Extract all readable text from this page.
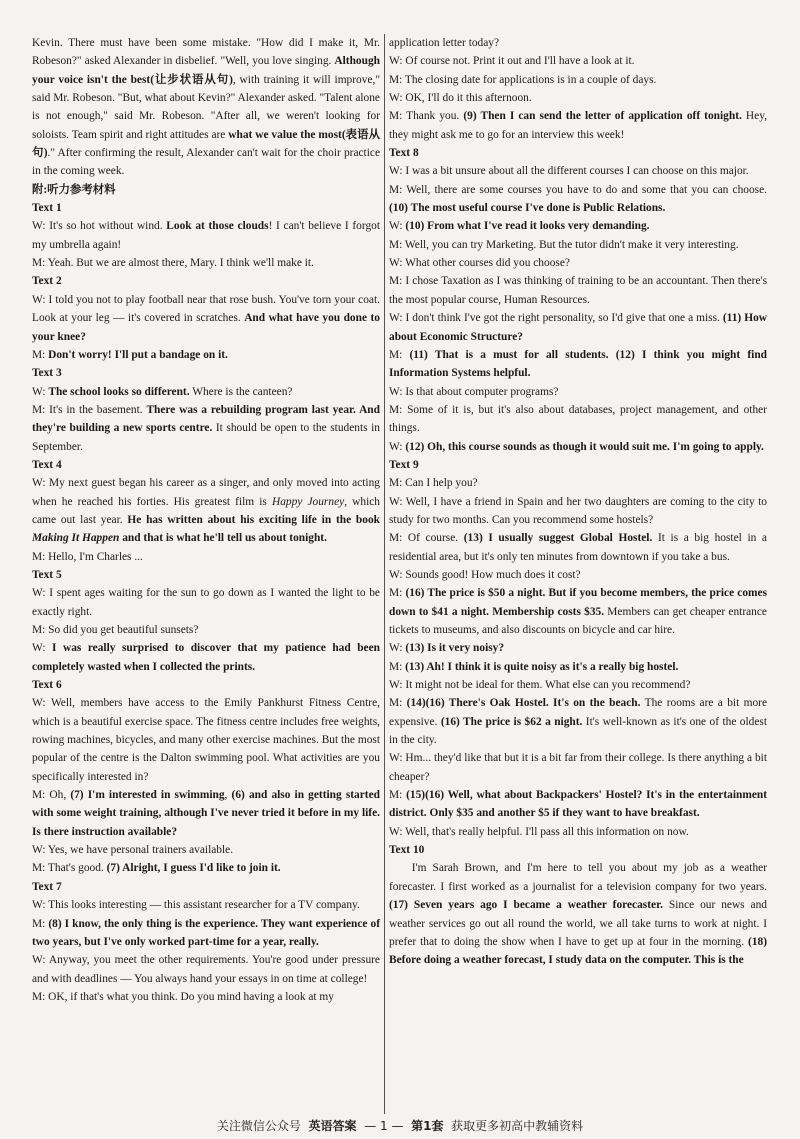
Kevin. There must have been some mistake. "How did I make it, Mr. Robeson?" asked Alexander in disbelief. "Well, you love singing. Although your voice isn't the best(让步状语从句), with training it will improve," said Mr. Robeson. "But, what about Kevin?" Alexander asked. "Talent alone is not enough," said Mr. Robeson. "After all, we weren't looking for soloists. Team spirit and right attitudes are what we value the most(表语从句)." After confirming the result, Alexander can't wait for the choir practice in the coming week.

附:听力参考材料

Text 1

W: It's so hot without wind. Look at those clouds! I can't believe I forgot my umbrella again!

M: Yeah. But we are almost there, Mary. I think we'll make it.

Text 2

W: I told you not to play football near that rose bush. You've torn your coat. Look at your leg — it's covered in scratches. And what have you done to your knee?

M: Don't worry! I'll put a bandage on it.

Text 3

W: The school looks so different. Where is the canteen?

M: It's in the basement. There was a rebuilding program last year. And they're building a new sports centre. It should be open to the students in September.

Text 4

W: My next guest began his career as a singer, and only moved into acting when he reached his forties. His greatest film is Happy Journey, which came out last year. He has written about his exciting life in the book Making It Happen and that is what he'll tell us about tonight.

M: Hello, I'm Charles ...

Text 5

W: I spent ages waiting for the sun to go down as I wanted the light to be exactly right.

M: So did you get beautiful sunsets?

W: I was really surprised to discover that my patience had been completely wasted when I collected the prints.

Text 6

W: Well, members have access to the Emily Pankhurst Fitness Centre, which is a beautiful exercise space. The fitness centre includes free weights, rowing machines, bicycles, and many other exercise machines. But the most popular of the centre is the Dalton swimming pool. What activities are you specifically interested in?

M: Oh, (7) I'm interested in swimming, (6) and also in getting started with some weight training, although I've never tried it before in my life. Is there instruction available?

W: Yes, we have personal trainers available.

M: That's good. (7) Alright, I guess I'd like to join it.

Text 7

W: This looks interesting — this assistant researcher for a TV company.

M: (8) I know, the only thing is the experience. They want experience of two years, but I've only worked part-time for a year, really.

W: Anyway, you meet the other requirements. You're good under pressure and with deadlines — You always hand your essays in on time at college!

M: OK, if that's what you think. Do you mind having a look at my

application letter today?

W: Of course not. Print it out and I'll have a look at it.

M: The closing date for applications is in a couple of days.

W: OK, I'll do it this afternoon.

M: Thank you. (9) Then I can send the letter of application off tonight. Hey, they might ask me to go for an interview this week!

Text 8

W: I was a bit unsure about all the different courses I can choose on this major.

M: Well, there are some courses you have to do and some that you can choose. (10) The most useful course I've done is Public Relations.

W: (10) From what I've read it looks very demanding.

M: Well, you can try Marketing. But the tutor didn't make it very interesting.

W: What other courses did you choose?

M: I chose Taxation as I was thinking of training to be an accountant. Then there's the most popular course, Human Resources.

W: I don't think I've got the right personality, so I'd give that one a miss. (11) How about Economic Structure?

M: (11) That is a must for all students. (12) I think you might find Information Systems helpful.

W: Is that about computer programs?

M: Some of it is, but it's also about databases, project management, and other things.

W: (12) Oh, this course sounds as though it would suit me. I'm going to apply.

Text 9

M: Can I help you?

W: Well, I have a friend in Spain and her two daughters are coming to the city to study for two months. Can you recommend some hostels?

M: Of course. (13) I usually suggest Global Hostel. It is a big hostel in a residential area, but it's only ten minutes from downtown if you take a bus.

W: Sounds good! How much does it cost?

M: (16) The price is $50 a night. But if you become members, the price comes down to $41 a night. Membership costs $35. Members can get cheaper entrance tickets to museums, and also discounts on bicycle and car hire.

W: (13) Is it very noisy?

M: (13) Ah! I think it is quite noisy as it's a really big hostel.

W: It might not be ideal for them. What else can you recommend?

M: (14)(16) There's Oak Hostel. It's on the beach. The rooms are a bit more expensive. (16) The price is $62 a night. It's well-known as it's one of the oldest in the city.

W: Hm... they'd like that but it is a bit far from their college. Is there anything a bit cheaper?

M: (15)(16) Well, what about Backpackers' Hostel? It's in the entertainment district. Only $35 and another $5 if they want to have breakfast.

W: Well, that's really helpful. I'll pass all this information on now.

Text 10

I'm Sarah Brown, and I'm here to tell you about my job as a weather forecaster. I first worked as a journalist for a television company for two years. (17) Seven years ago I became a weather forecaster. Since our news and weather services go out all round the world, we all take turns to work at night. I prefer that to doing the show when I have to get up at four in the morning. (18) Before doing a weather forecast, I study data on the computer. This is the

关注微信公众号 英语答案 — 1 — 第1套 获取更多初高中教辅资料
